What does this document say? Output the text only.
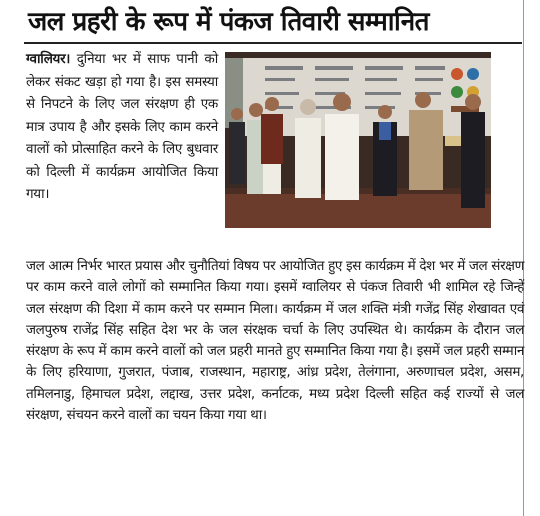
जल प्रहरी के रूप में पंकज तिवारी सम्मानित
ग्वालियर। दुनिया भर में साफ पानी को लेकर संकट खड़ा हो गया है। इस समस्या से निपटने के लिए जल संरक्षण ही एक मात्र उपाय है और इसके लिए काम करने वालों को प्रोत्साहित करने के लिए बुधवार को दिल्ली में कार्यक्रम आयोजित किया गया।
जल आत्म निर्भर भारत प्रयास और चुनौतियां विषय पर आयोजित हुए इस कार्यक्रम में देश भर में जल संरक्षण पर काम करने वाले लोगों को सम्मानित किया गया। इसमें ग्वालियर से पंकज तिवारी भी शामिल रहे जिन्हें जल संरक्षण की दिशा में काम करने पर सम्मान मिला। कार्यक्रम में जल शक्ति मंत्री गजेंद्र सिंह शेखावत एवं जलपुरुष राजेंद्र सिंह सहित देश भर के जल संरक्षक चर्चा के लिए उपस्थित थे। कार्यक्रम के दौरान जल संरक्षण के रूप में काम करने वालों को जल प्रहरी मानते हुए सम्मानित किया गया है। इसमें जल प्रहरी सम्मान के लिए हरियाणा, गुजरात, पंजाब, राजस्थान, महाराष्ट्र, आंध्र प्रदेश, तेलंगाना, अरुणाचल प्रदेश, असम, तमिलनाडु, हिमाचल प्रदेश, लद्दाख, उत्तर प्रदेश, कर्नाटक, मध्य प्रदेश दिल्ली सहित कई राज्यों से जल संरक्षण, संचयन करने वालों का चयन किया गया था।
